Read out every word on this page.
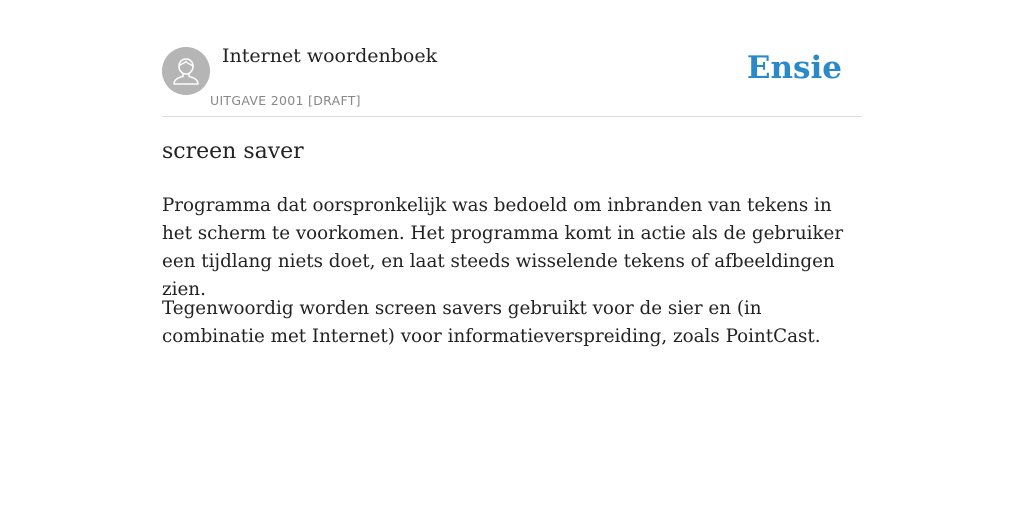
Internet woordenboek
UITGAVE 2001 [DRAFT]
Ensie
screen saver

Programma dat oorspronkelijk was bedoeld om inbranden van tekens in het scherm te voorkomen. Het programma komt in actie als de gebruiker een tijdlang niets doet, en laat steeds wisselende tekens of afbeeldingen zien.

Tegenwoordig worden screen savers gebruikt voor de sier en (in combinatie met Internet) voor informatieverspreiding, zoals PointCast.
